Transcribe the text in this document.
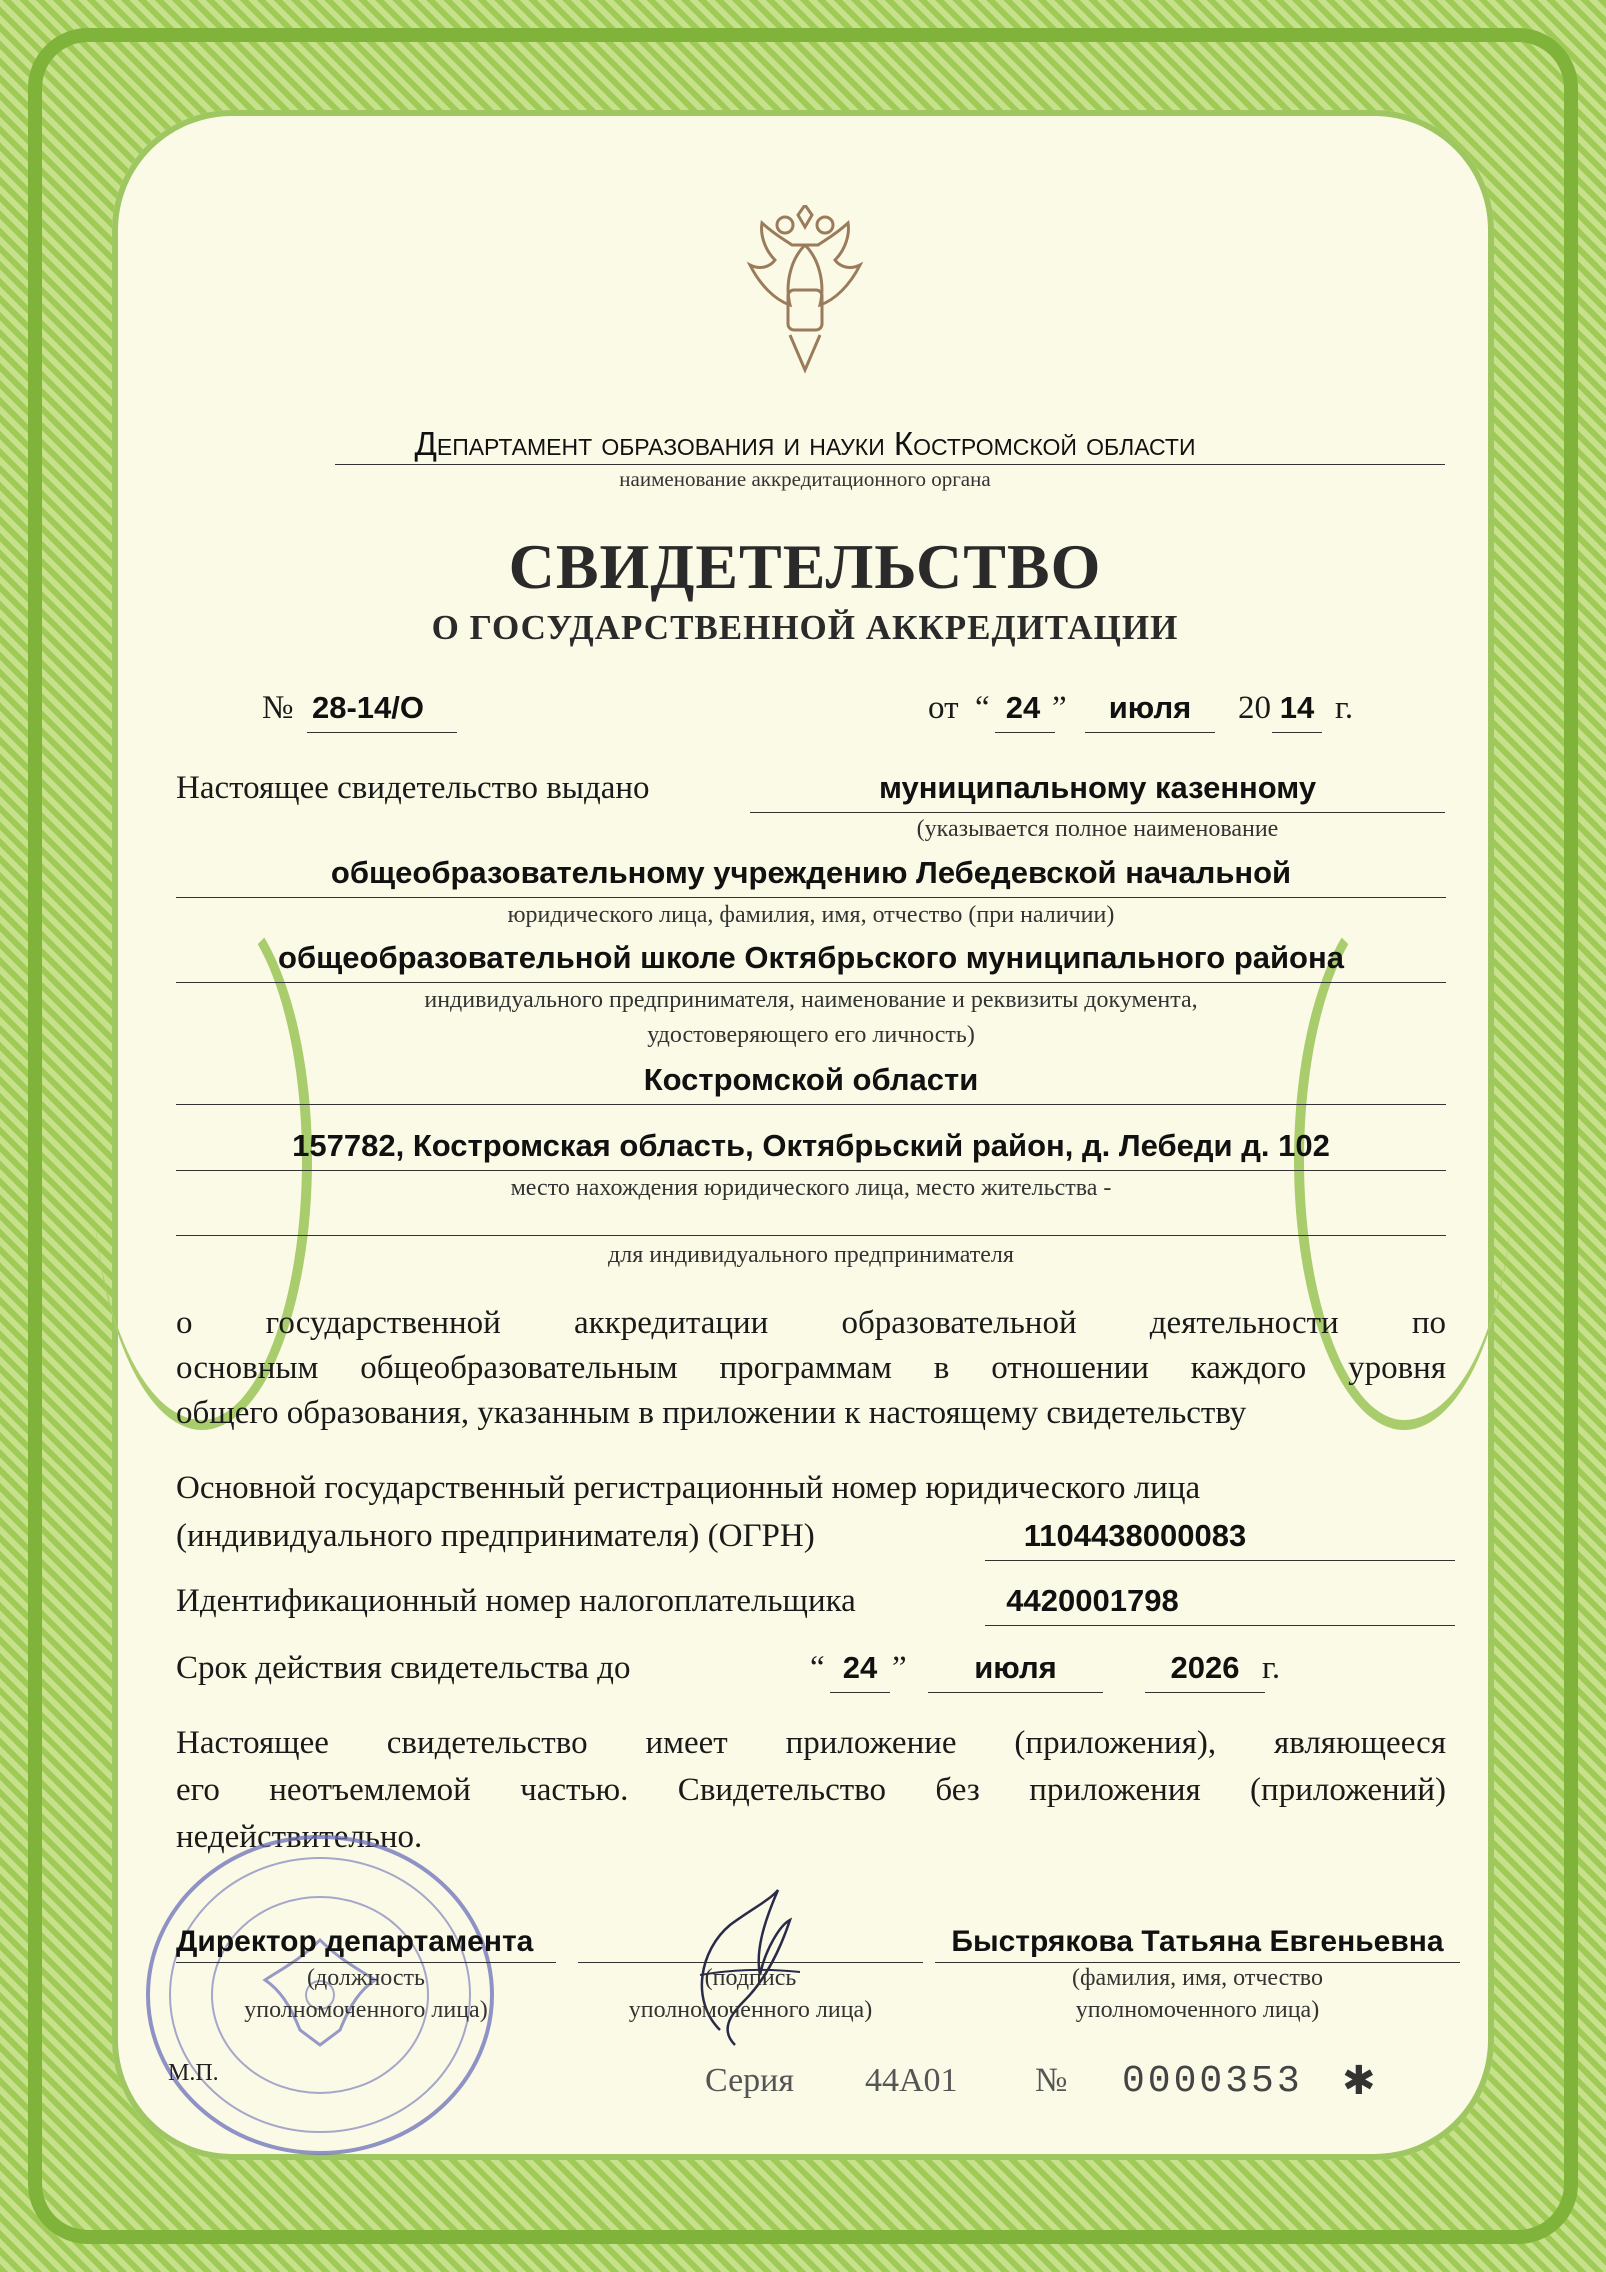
Департамент образования и науки Костромской области
наименование аккредитационного органа
СВИДЕТЕЛЬСТВО
О ГОСУДАРСТВЕННОЙ АККРЕДИТАЦИИ
№ 28-14/О	от “ 24 ”	июля	20 14 г.
Настоящее свидетельство выдано	муниципальному казенному
(указывается полное наименование
общеобразовательному учреждению Лебедевской начальной
юридического лица, фамилия, имя, отчество (при наличии)
общеобразовательной школе Октябрьского муниципального района
индивидуального предпринимателя, наименование и реквизиты документа,
удостоверяющего его личность)
Костромской области
157782, Костромская область, Октябрьский район, д. Лебеди д. 102
место нахождения юридического лица, место жительства -
для индивидуального предпринимателя
о государственной аккредитации образовательной деятельности по
основным общеобразовательным программам в отношении каждого уровня
общего образования, указанным в приложении к настоящему свидетельству
Основной государственный регистрационный номер юридического лица
(индивидуального предпринимателя) (ОГРН)	1104438000083
Идентификационный номер налогоплательщика	4420001798
Срок действия свидетельства до	“ 24 ”	июля	2026 г.
Настоящее свидетельство имеет приложение (приложения), являющееся
его неотъемлемой частью. Свидетельство без приложения (приложений)
недействительно.
Директор департамента
(должность
уполномоченного лица)
(подпись
уполномоченного лица)
Быстрякова Татьяна Евгеньевна
(фамилия, имя, отчество
уполномоченного лица)
М.П.	Серия 44А01 № 0000353 ✱
